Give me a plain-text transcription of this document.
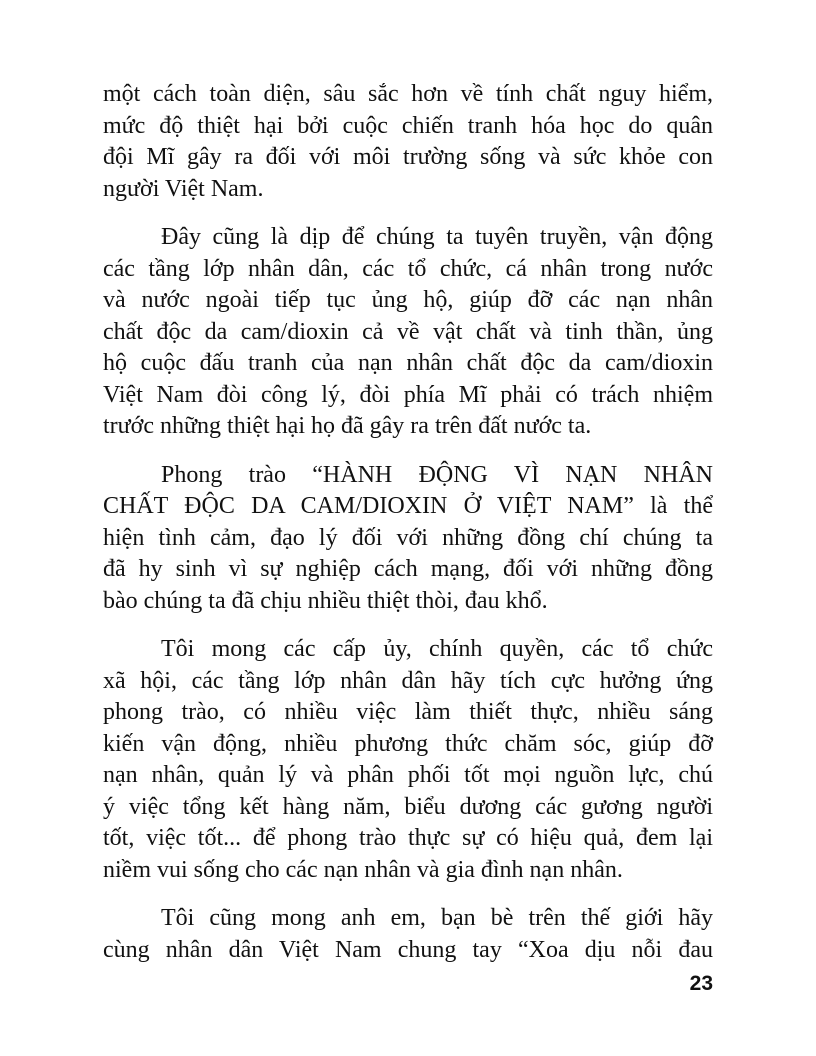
một cách toàn diện, sâu sắc hơn về tính chất nguy hiểm,
mức độ thiệt hại bởi cuộc chiến tranh hóa học do quân
đội Mĩ gây ra đối với môi trường sống và sức khỏe con
người Việt Nam.
Đây cũng là dịp để chúng ta tuyên truyền, vận động
các tầng lớp nhân dân, các tổ chức, cá nhân trong nước
và nước ngoài tiếp tục ủng hộ, giúp đỡ các nạn nhân
chất độc da cam/dioxin cả về vật chất và tinh thần, ủng
hộ cuộc đấu tranh của nạn nhân chất độc da cam/dioxin
Việt Nam đòi công lý, đòi phía Mĩ phải có trách nhiệm
trước những thiệt hại họ đã gây ra trên đất nước ta.
Phong trào “HÀNH ĐỘNG VÌ NẠN NHÂN
CHẤT ĐỘC DA CAM/DIOXIN Ở VIỆT NAM” là thể
hiện tình cảm, đạo lý đối với những đồng chí chúng ta
đã hy sinh vì sự nghiệp cách mạng, đối với những đồng
bào chúng ta đã chịu nhiều thiệt thòi, đau khổ.
Tôi mong các cấp ủy, chính quyền, các tổ chức
xã hội, các tầng lớp nhân dân hãy tích cực hưởng ứng
phong trào, có nhiều việc làm thiết thực, nhiều sáng
kiến vận động, nhiều phương thức chăm sóc, giúp đỡ
nạn nhân, quản lý và phân phối tốt mọi nguồn lực, chú
ý việc tổng kết hàng năm, biểu dương các gương người
tốt, việc tốt... để phong trào thực sự có hiệu quả, đem lại
niềm vui sống cho các nạn nhân và gia đình nạn nhân.
Tôi cũng mong anh em, bạn bè trên thế giới hãy
cùng nhân dân Việt Nam chung tay “Xoa dịu nỗi đau
23
